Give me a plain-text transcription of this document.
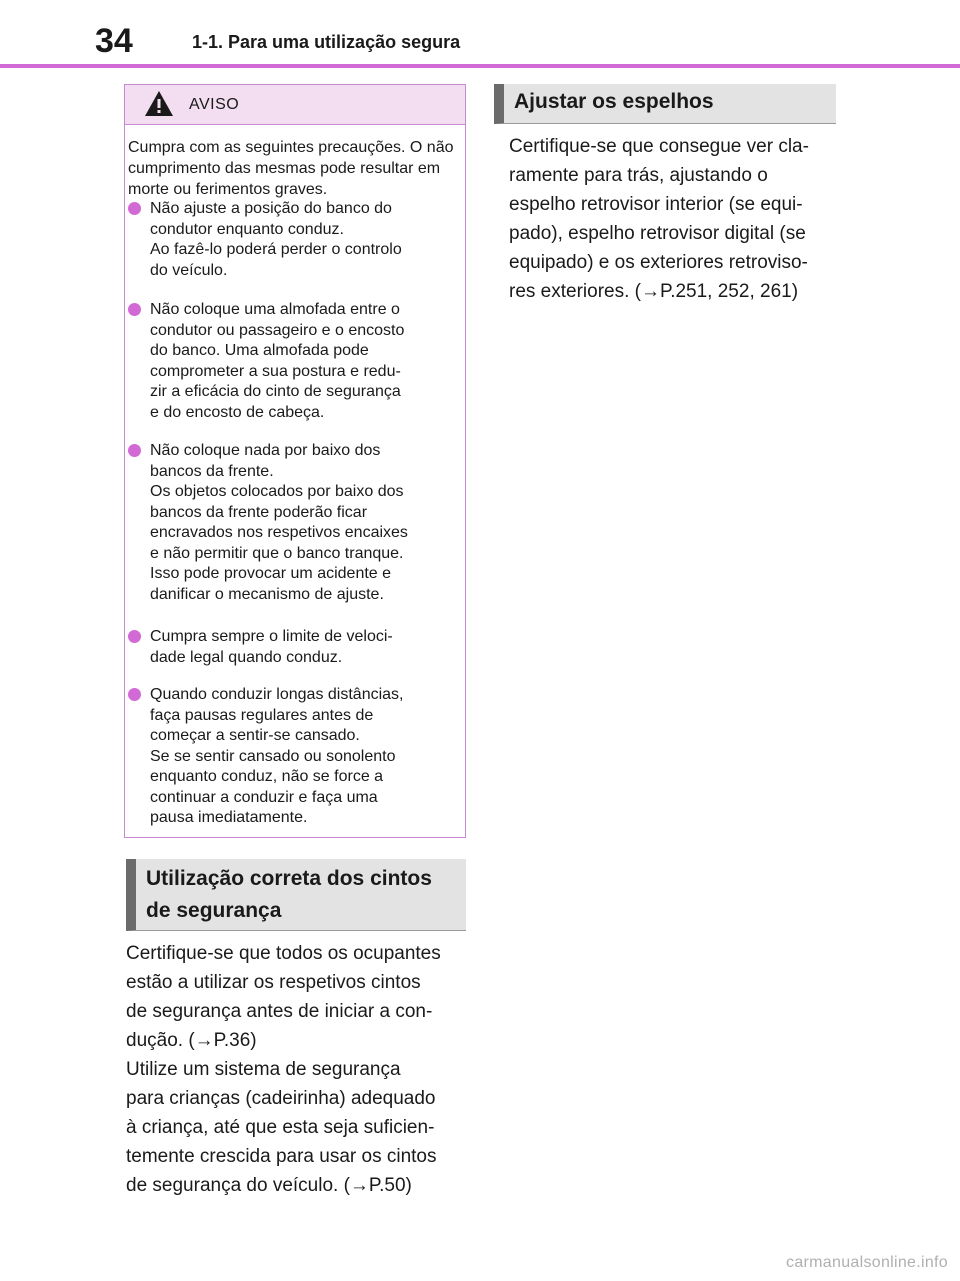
34	1-1. Para uma utilização segura
AVISO
Cumpra com as seguintes precauções. O não cumprimento das mesmas pode resultar em morte ou ferimentos graves.
Não ajuste a posição do banco do
condutor enquanto conduz.
Ao fazê-lo poderá perder o controlo
do veículo.
Não coloque uma almofada entre o
condutor ou passageiro e o encosto
do banco. Uma almofada pode
comprometer a sua postura e redu-
zir a eficácia do cinto de segurança
e do encosto de cabeça.
Não coloque nada por baixo dos
bancos da frente.
Os objetos colocados por baixo dos
bancos da frente poderão ficar
encravados nos respetivos encaixes
e não permitir que o banco tranque.
Isso pode provocar um acidente e
danificar o mecanismo de ajuste.
Cumpra sempre o limite de veloci-
dade legal quando conduz.
Quando conduzir longas distâncias,
faça pausas regulares antes de
começar a sentir-se cansado.
Se se sentir cansado ou sonolento
enquanto conduz, não se force a
continuar a conduzir e faça uma
pausa imediatamente.
Utilização correta dos cintos
de segurança
Certifique-se que todos os ocupantes
estão a utilizar os respetivos cintos
de segurança antes de iniciar a con-
dução. (→P.36)
Utilize um sistema de segurança
para crianças (cadeirinha) adequado
à criança, até que esta seja suficien-
temente crescida para usar os cintos
de segurança do veículo. (→P.50)
Ajustar os espelhos
Certifique-se que consegue ver cla-
ramente para trás, ajustando o
espelho retrovisor interior (se equi-
pado), espelho retrovisor digital (se
equipado) e os exteriores retroviso-
res exteriores. (→P.251, 252, 261)
carmanualsonline.info
